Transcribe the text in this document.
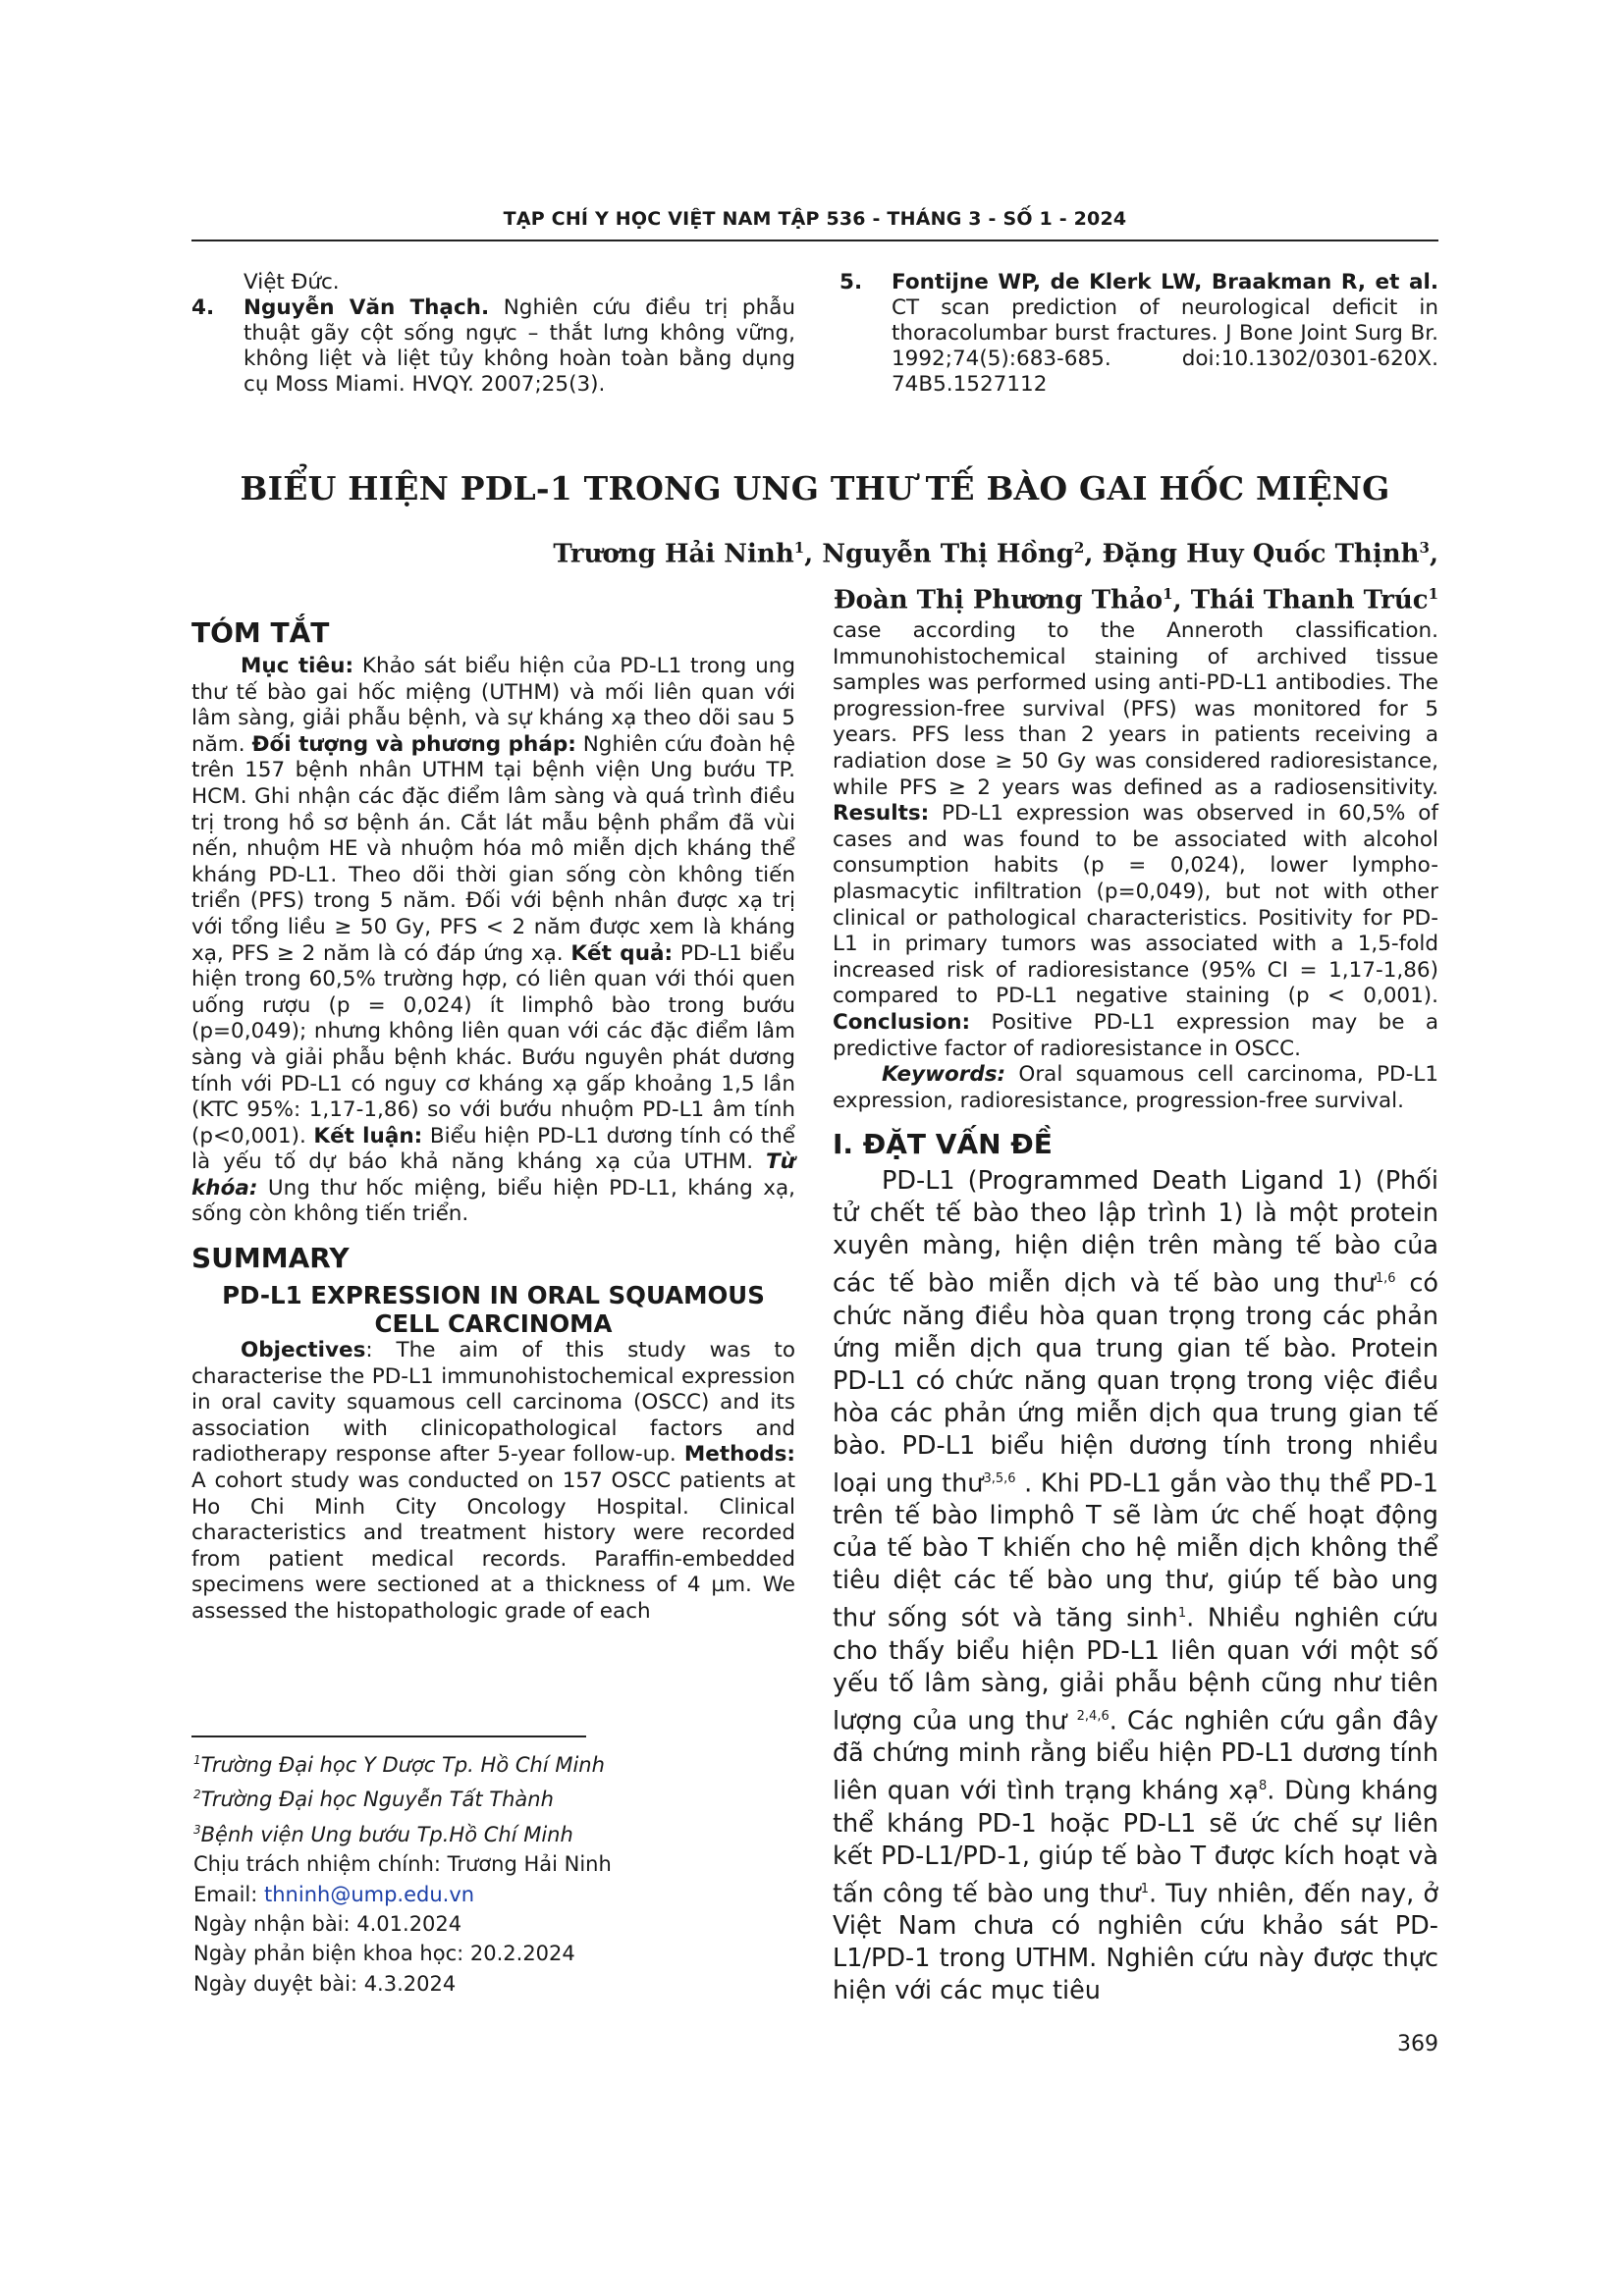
TẠP CHÍ Y HỌC VIỆT NAM TẬP 536 - THÁNG 3 - SỐ 1 - 2024
Việt Đức.
4. Nguyễn Văn Thạch. Nghiên cứu điều trị phẫu thuật gãy cột sống ngực – thắt lưng không vững, không liệt và liệt tủy không hoàn toàn bằng dụng cụ Moss Miami. HVQY. 2007;25(3).
5. Fontijne WP, de Klerk LW, Braakman R, et al. CT scan prediction of neurological deficit in thoracolumbar burst fractures. J Bone Joint Surg Br. 1992;74(5):683-685. doi:10.1302/0301-620X. 74B5.1527112
BIỂU HIỆN PDL-1 TRONG UNG THƯ TẾ BÀO GAI HỐC MIỆNG
Trương Hải Ninh$^1$, Nguyễn Thị Hồng$^2$, Đặng Huy Quốc Thịnh$^3$,
Đoàn Thị Phương Thảo$^1$, Thái Thanh Trúc$^1$
TÓM TẮT

Mục tiêu: Khảo sát biểu hiện của PD-L1 trong ung thư tế bào gai hốc miệng (UTHM) và mối liên quan với lâm sàng, giải phẫu bệnh, và sự kháng xạ theo dõi sau 5 năm. Đối tượng và phương pháp: Nghiên cứu đoàn hệ trên 157 bệnh nhân UTHM tại bệnh viện Ung bướu TP. HCM. Ghi nhận các đặc điểm lâm sàng và quá trình điều trị trong hồ sơ bệnh án. Cắt lát mẫu bệnh phẩm đã vùi nến, nhuộm HE và nhuộm hóa mô miễn dịch kháng thể kháng PD-L1. Theo dõi thời gian sống còn không tiến triển (PFS) trong 5 năm. Đối với bệnh nhân được xạ trị với tổng liều ≥ 50 Gy, PFS < 2 năm được xem là kháng xạ, PFS ≥ 2 năm là có đáp ứng xạ. Kết quả: PD-L1 biểu hiện trong 60,5% trường hợp, có liên quan với thói quen uống rượu (p = 0,024) ít limphô bào trong bướu (p=0,049); nhưng không liên quan với các đặc điểm lâm sàng và giải phẫu bệnh khác. Bướu nguyên phát dương tính với PD-L1 có nguy cơ kháng xạ gấp khoảng 1,5 lần (KTC 95%: 1,17-1,86) so với bướu nhuộm PD-L1 âm tính (p<0,001). Kết luận: Biểu hiện PD-L1 dương tính có thể là yếu tố dự báo khả năng kháng xạ của UTHM. Từ khóa: Ung thư hốc miệng, biểu hiện PD-L1, kháng xạ, sống còn không tiến triển.

SUMMARY
PD-L1 EXPRESSION IN ORAL SQUAMOUS CELL CARCINOMA

Objectives: The aim of this study was to characterise the PD-L1 immunohistochemical expression in oral cavity squamous cell carcinoma (OSCC) and its association with clinicopathological factors and radiotherapy response after 5-year follow-up. Methods: A cohort study was conducted on 157 OSCC patients at Ho Chi Minh City Oncology Hospital. Clinical characteristics and treatment history were recorded from patient medical records. Paraffin-embedded specimens were sectioned at a thickness of 4 µm. We assessed the histopathologic grade of each

$^1$Trường Đại học Y Dược Tp. Hồ Chí Minh
$^2$Trường Đại học Nguyễn Tất Thành
$^3$Bệnh viện Ung bướu Tp.Hồ Chí Minh
Chịu trách nhiệm chính: Trương Hải Ninh
Email: thninh@ump.edu.vn
Ngày nhận bài: 4.01.2024
Ngày phản biện khoa học: 20.2.2024
Ngày duyệt bài: 4.3.2024

case according to the Anneroth classification. Immunohistochemical staining of archived tissue samples was performed using anti-PD-L1 antibodies. The progression-free survival (PFS) was monitored for 5 years. PFS less than 2 years in patients receiving a radiation dose ≥ 50 Gy was considered radioresistance, while PFS ≥ 2 years was defined as a radiosensitivity. Results: PD-L1 expression was observed in 60,5% of cases and was found to be associated with alcohol consumption habits (p = 0,024), lower lympho-plasmacytic infiltration (p=0,049), but not with other clinical or pathological characteristics. Positivity for PD-L1 in primary tumors was associated with a 1,5-fold increased risk of radioresistance (95% CI = 1,17-1,86) compared to PD-L1 negative staining (p < 0,001). Conclusion: Positive PD-L1 expression may be a predictive factor of radioresistance in OSCC.

Keywords: Oral squamous cell carcinoma, PD-L1 expression, radioresistance, progression-free survival.

I. ĐẶT VẤN ĐỀ

PD-L1 (Programmed Death Ligand 1) (Phối tử chết tế bào theo lập trình 1) là một protein xuyên màng, hiện diện trên màng tế bào của các tế bào miễn dịch và tế bào ung thư$^{1,6}$ có chức năng điều hòa quan trọng trong các phản ứng miễn dịch qua trung gian tế bào. Protein PD-L1 có chức năng quan trọng trong việc điều hòa các phản ứng miễn dịch qua trung gian tế bào. PD-L1 biểu hiện dương tính trong nhiều loại ung thư$^{3,5,6}$ . Khi PD-L1 gắn vào thụ thể PD-1 trên tế bào limphô T sẽ làm ức chế hoạt động của tế bào T khiến cho hệ miễn dịch không thể tiêu diệt các tế bào ung thư, giúp tế bào ung thư sống sót và tăng $\sinh^1$. Nhiều nghiên cứu cho thấy biểu hiện PD-L1 liên quan với một số yếu tố lâm sàng, giải phẫu bệnh cũng như tiên lượng của ung thư $^{2,4,6}$. Các nghiên cứu gần đây đã chứng minh rằng biểu hiện PD-L1 dương tính liên quan với tình trạng kháng xạ$^8$. Dùng kháng thể kháng PD-1 hoặc PD-L1 sẽ ức chế sự liên kết PD-L1/PD-1, giúp tế bào T được kích hoạt và tấn công tế bào ung thư$^1$. Tuy nhiên, đến nay, ở Việt Nam chưa có nghiên cứu khảo sát PD-L1/PD-1 trong UTHM. Nghiên cứu này được thực hiện với các mục tiêu

369
